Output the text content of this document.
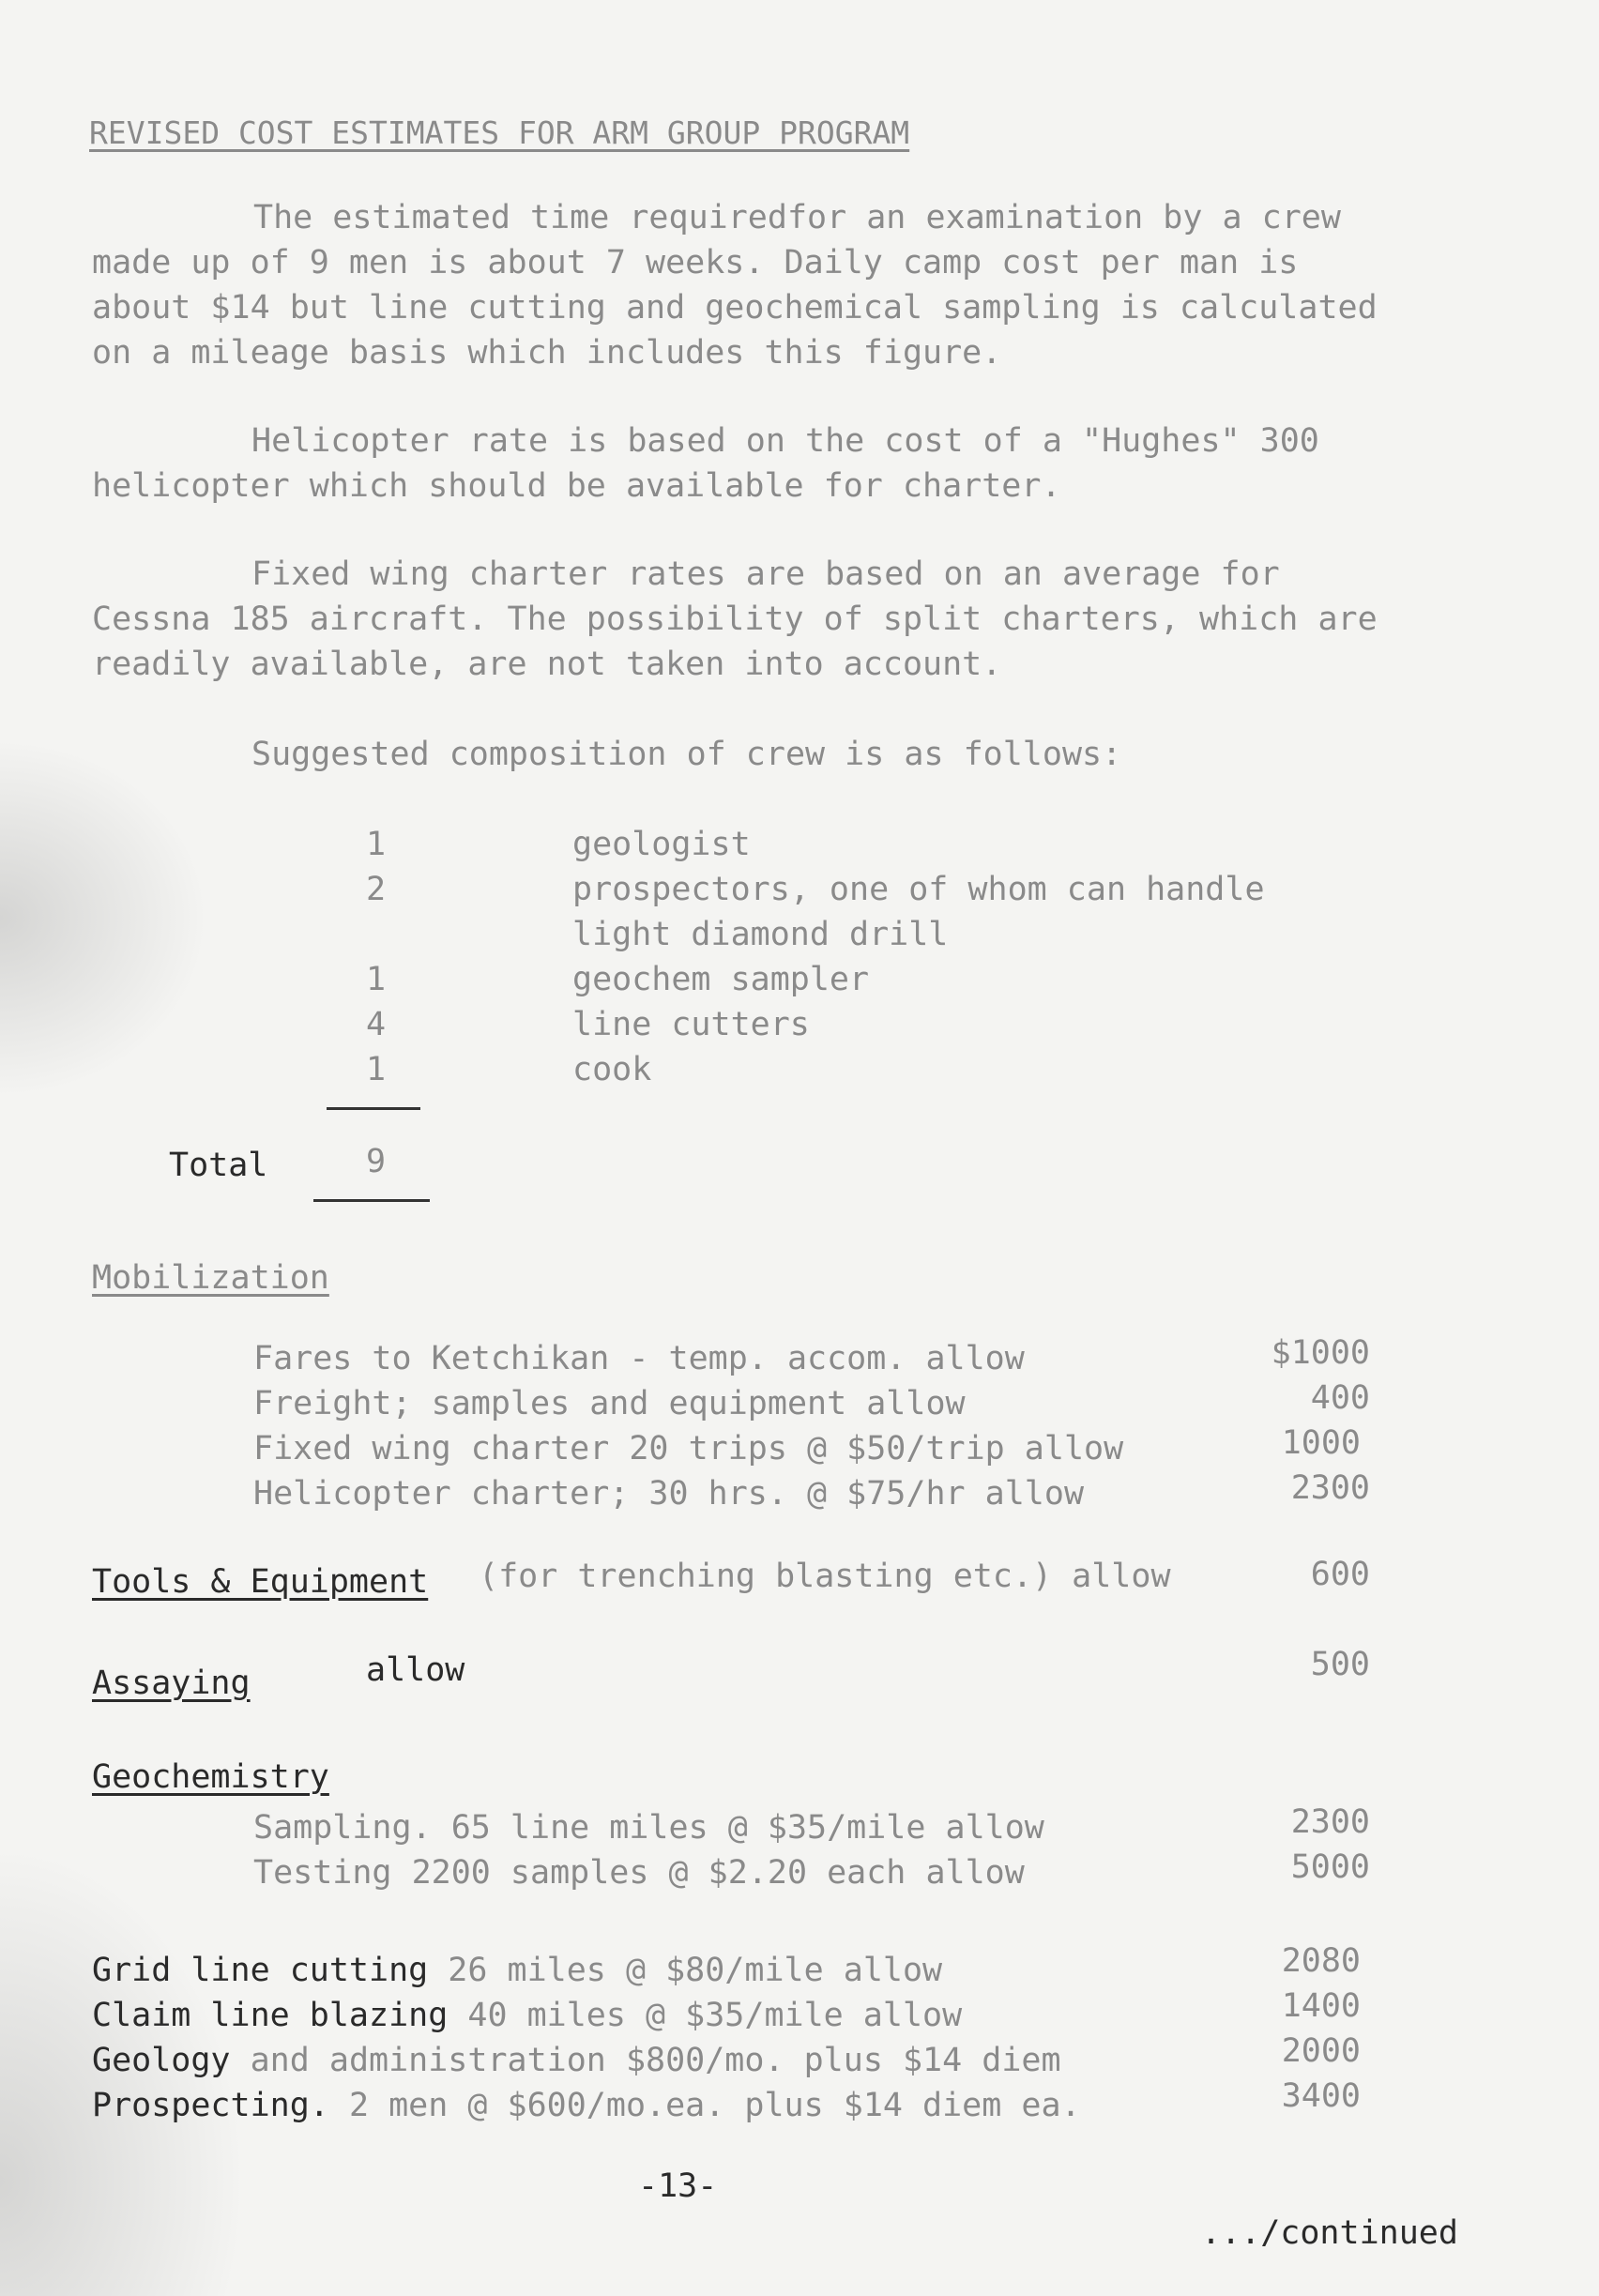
REVISED COST ESTIMATES FOR ARM GROUP PROGRAM
The estimated time requiredfor an examination by a crew
made up of 9 men is about 7 weeks. Daily camp cost per man is
about $14 but line cutting and geochemical sampling is calculated
on a mileage basis which includes this figure.
Helicopter rate is based on the cost of a "Hughes" 300
helicopter which should be available for charter.
Fixed wing charter rates are based on an average for
Cessna 185 aircraft. The possibility of split charters, which are
readily available, are not taken into account.
Suggested composition of crew is as follows:
1	geologist
2	prospectors, one of whom can handle
light diamond drill
1	geochem sampler
4	line cutters
1	cook
Total	9
Mobilization
Fares to Ketchikan - temp. accom. allow	$1000
Freight; samples and equipment allow	400
Fixed wing charter 20 trips @ $50/trip allow	1000
Helicopter charter; 30 hrs. @ $75/hr allow	2300
Tools & Equipment (for trenching blasting etc.) allow	600
Assaying	allow	500
Geochemistry
Sampling. 65 line miles @ $35/mile allow	2300
Testing 2200 samples @ $2.20 each allow	5000
Grid line cutting 26 miles @ $80/mile allow	2080
Claim line blazing 40 miles @ $35/mile allow	1400
Geology and administration $800/mo. plus $14 diem	2000
Prospecting. 2 men @ $600/mo.ea. plus $14 diem ea.	3400
-13-
.../continued
